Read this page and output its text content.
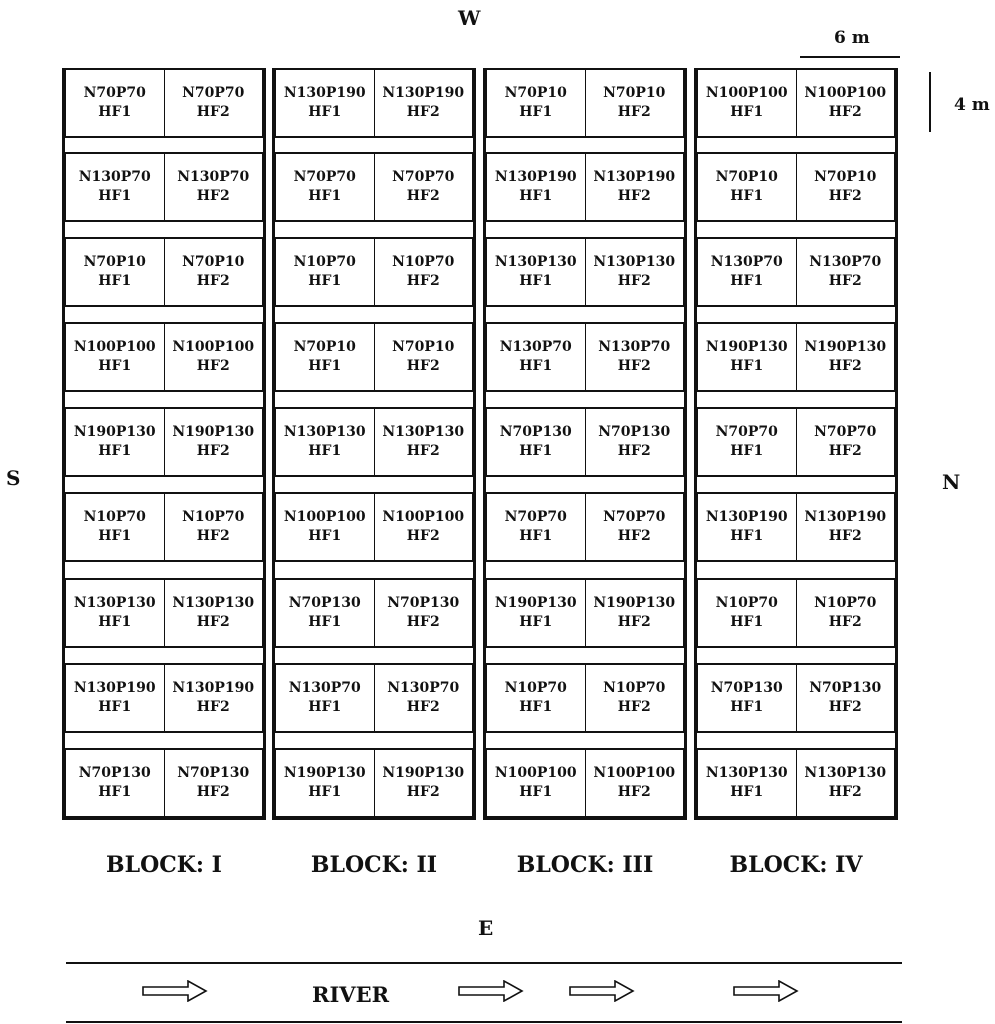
W
S	N
E
6 m
4 m
N70P70
HF1
N70P70
HF2
N130P70
HF1
N130P70
HF2
N70P10
HF1
N70P10
HF2
N100P100
HF1
N100P100
HF2
N190P130
HF1
N190P130
HF2
N10P70
HF1
N10P70
HF2
N130P130
HF1
N130P130
HF2
N130P190
HF1
N130P190
HF2
N70P130
HF1
N70P130
HF2
BLOCK: I
N130P190
HF1
N130P190
HF2
N70P70
HF1
N70P70
HF2
N10P70
HF1
N10P70
HF2
N70P10
HF1
N70P10
HF2
N130P130
HF1
N130P130
HF2
N100P100
HF1
N100P100
HF2
N70P130
HF1
N70P130
HF2
N130P70
HF1
N130P70
HF2
N190P130
HF1
N190P130
HF2
BLOCK: II
N70P10
HF1
N70P10
HF2
N130P190
HF1
N130P190
HF2
N130P130
HF1
N130P130
HF2
N130P70
HF1
N130P70
HF2
N70P130
HF1
N70P130
HF2
N70P70
HF1
N70P70
HF2
N190P130
HF1
N190P130
HF2
N10P70
HF1
N10P70
HF2
N100P100
HF1
N100P100
HF2
BLOCK: III
N100P100
HF1
N100P100
HF2
N70P10
HF1
N70P10
HF2
N130P70
HF1
N130P70
HF2
N190P130
HF1
N190P130
HF2
N70P70
HF1
N70P70
HF2
N130P190
HF1
N130P190
HF2
N10P70
HF1
N10P70
HF2
N70P130
HF1
N70P130
HF2
N130P130
HF1
N130P130
HF2
BLOCK: IV
RIVER
